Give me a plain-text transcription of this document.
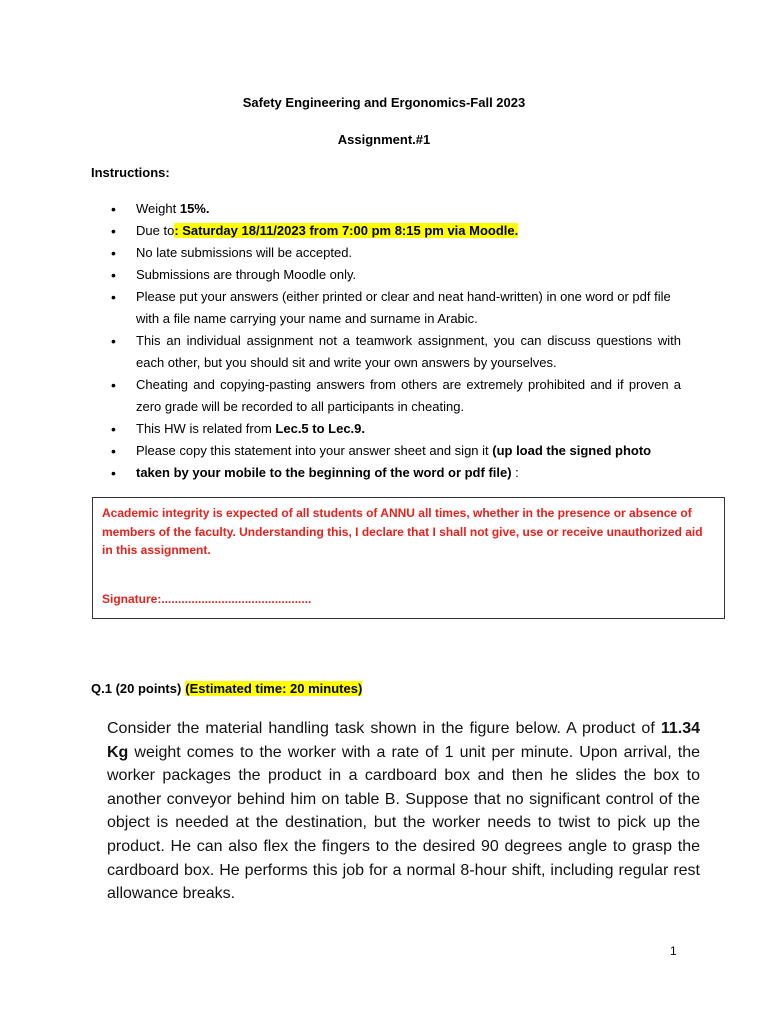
Safety Engineering and Ergonomics-Fall 2023
Assignment.#1
Instructions:
• Weight 15%.
• Due to: Saturday 18/11/2023 from 7:00 pm 8:15 pm via Moodle.
• No late submissions will be accepted.
• Submissions are through Moodle only.
• Please put your answers (either printed or clear and neat hand-written) in one word or pdf file with a file name carrying your name and surname in Arabic.
• This an individual assignment not a teamwork assignment, you can discuss questions with each other, but you should sit and write your own answers by yourselves.
• Cheating and copying-pasting answers from others are extremely prohibited and if proven a zero grade will be recorded to all participants in cheating.
• This HW is related from Lec.5 to Lec.9.
• Please copy this statement into your answer sheet and sign it (up load the signed photo
• taken by your mobile to the beginning of the word or pdf file) :

Academic integrity is expected of all students of ANNU all times, whether in the presence or absence of members of the faculty. Understanding this, I declare that I shall not give, use or receive unauthorized aid in this assignment.

Signature:.............................................

Q.1 (20 points) (Estimated time: 20 minutes)

Consider the material handling task shown in the figure below. A product of 11.34 Kg weight comes to the worker with a rate of 1 unit per minute. Upon arrival, the worker packages the product in a cardboard box and then he slides the box to another conveyor behind him on table B. Suppose that no significant control of the object is needed at the destination, but the worker needs to twist to pick up the product. He can also flex the fingers to the desired 90 degrees angle to grasp the cardboard box. He performs this job for a normal 8-hour shift, including regular rest allowance breaks.

1
